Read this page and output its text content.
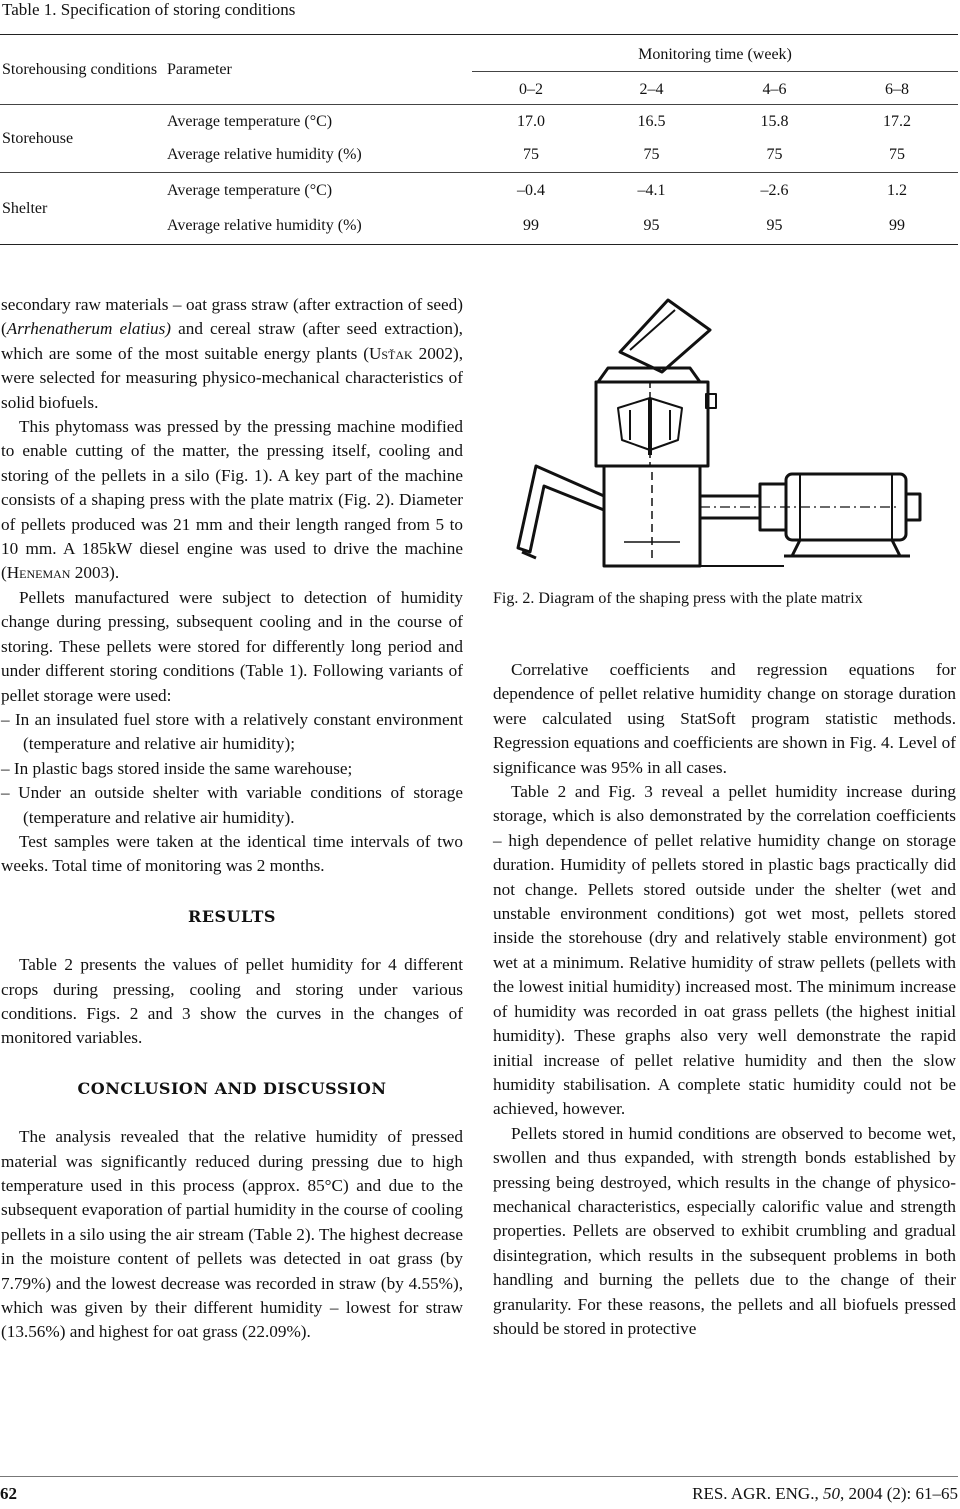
Table 1. Specification of storing conditions
Storehousing conditions	Parameter	Monitoring time (week)			
		0–2	2–4	4–6	6–8
Storehouse	Average temperature (°C)	17.0	16.5	15.8	17.2
	Average relative humidity (%)	75	75	75	75
Shelter	Average temperature (°C)	–0.4	–4.1	–2.6	1.2
	Average relative humidity (%)	99	95	95	99

secondary raw materials – oat grass straw (after extraction of seed) (Arrhenatherum elatius) and cereal straw (after seed extraction), which are some of the most suitable energy plants (Usťak 2002), were selected for measuring physico-mechanical characteristics of solid biofuels.

This phytomass was pressed by the pressing machine modified to enable cutting of the matter, the pressing itself, cooling and storing of the pellets in a silo (Fig. 1). A key part of the machine consists of a shaping press with the plate matrix (Fig. 2). Diameter of pellets produced was 21 mm and their length ranged from 5 to 10 mm. A 185kW diesel engine was used to drive the machine (Heneman 2003).

Pellets manufactured were subject to detection of humidity change during pressing, subsequent cooling and in the course of storing. These pellets were stored for differently long period and under different storing conditions (Table 1). Following variants of pellet storage were used:

– In an insulated fuel store with a relatively constant environment (temperature and relative air humidity);

– In plastic bags stored inside the same warehouse;

– Under an outside shelter with variable conditions of storage (temperature and relative air humidity).

Test samples were taken at the identical time intervals of two weeks. Total time of monitoring was 2 months.

RESULTS

Table 2 presents the values of pellet humidity for 4 different crops during pressing, cooling and storing under various conditions. Figs. 2 and 3 show the curves in the changes of monitored variables.

CONCLUSION AND DISCUSSION

The analysis revealed that the relative humidity of pressed material was significantly reduced during pressing due to high temperature used in this process (approx. 85°C) and due to the subsequent evaporation of partial humidity in the course of cooling pellets in a silo using the air stream (Table 2). The highest decrease in the moisture content of pellets was detected in oat grass (by 7.79%) and the lowest decrease was recorded in straw (by 4.55%), which was given by their different humidity – lowest for straw (13.56%) and highest for oat grass (22.09%).

Fig. 2. Diagram of the shaping press with the plate matrix

Correlative coefficients and regression equations for dependence of pellet relative humidity change on storage duration were calculated using StatSoft program statistic methods. Regression equations and coefficients are shown in Fig. 4. Level of significance was 95% in all cases.

Table 2 and Fig. 3 reveal a pellet humidity increase during storage, which is also demonstrated by the correlation coefficients – high dependence of pellet relative humidity change on storage duration. Humidity of pellets stored in plastic bags practically did not change. Pellets stored outside under the shelter (wet and unstable environment conditions) got wet most, pellets stored inside the storehouse (dry and relatively stable environment) got wet at a minimum. Relative humidity of straw pellets (pellets with the lowest initial humidity) increased most. The minimum increase of humidity was recorded in oat grass pellets (the highest initial humidity). These graphs also very well demonstrate the rapid initial increase of pellet relative humidity and then the slow humidity stabilisation. A complete static humidity could not be achieved, however.

Pellets stored in humid conditions are observed to become wet, swollen and thus expanded, with strength bonds established by pressing being destroyed, which results in the change of physico-mechanical characteristics, especially calorific value and strength properties. Pellets are observed to exhibit crumbling and gradual disintegration, which results in the subsequent problems in both handling and burning the pellets due to the change of their granularity. For these reasons, the pellets and all biofuels pressed should be stored in protective

62	RES. AGR. ENG., 50, 2004 (2): 61–65
